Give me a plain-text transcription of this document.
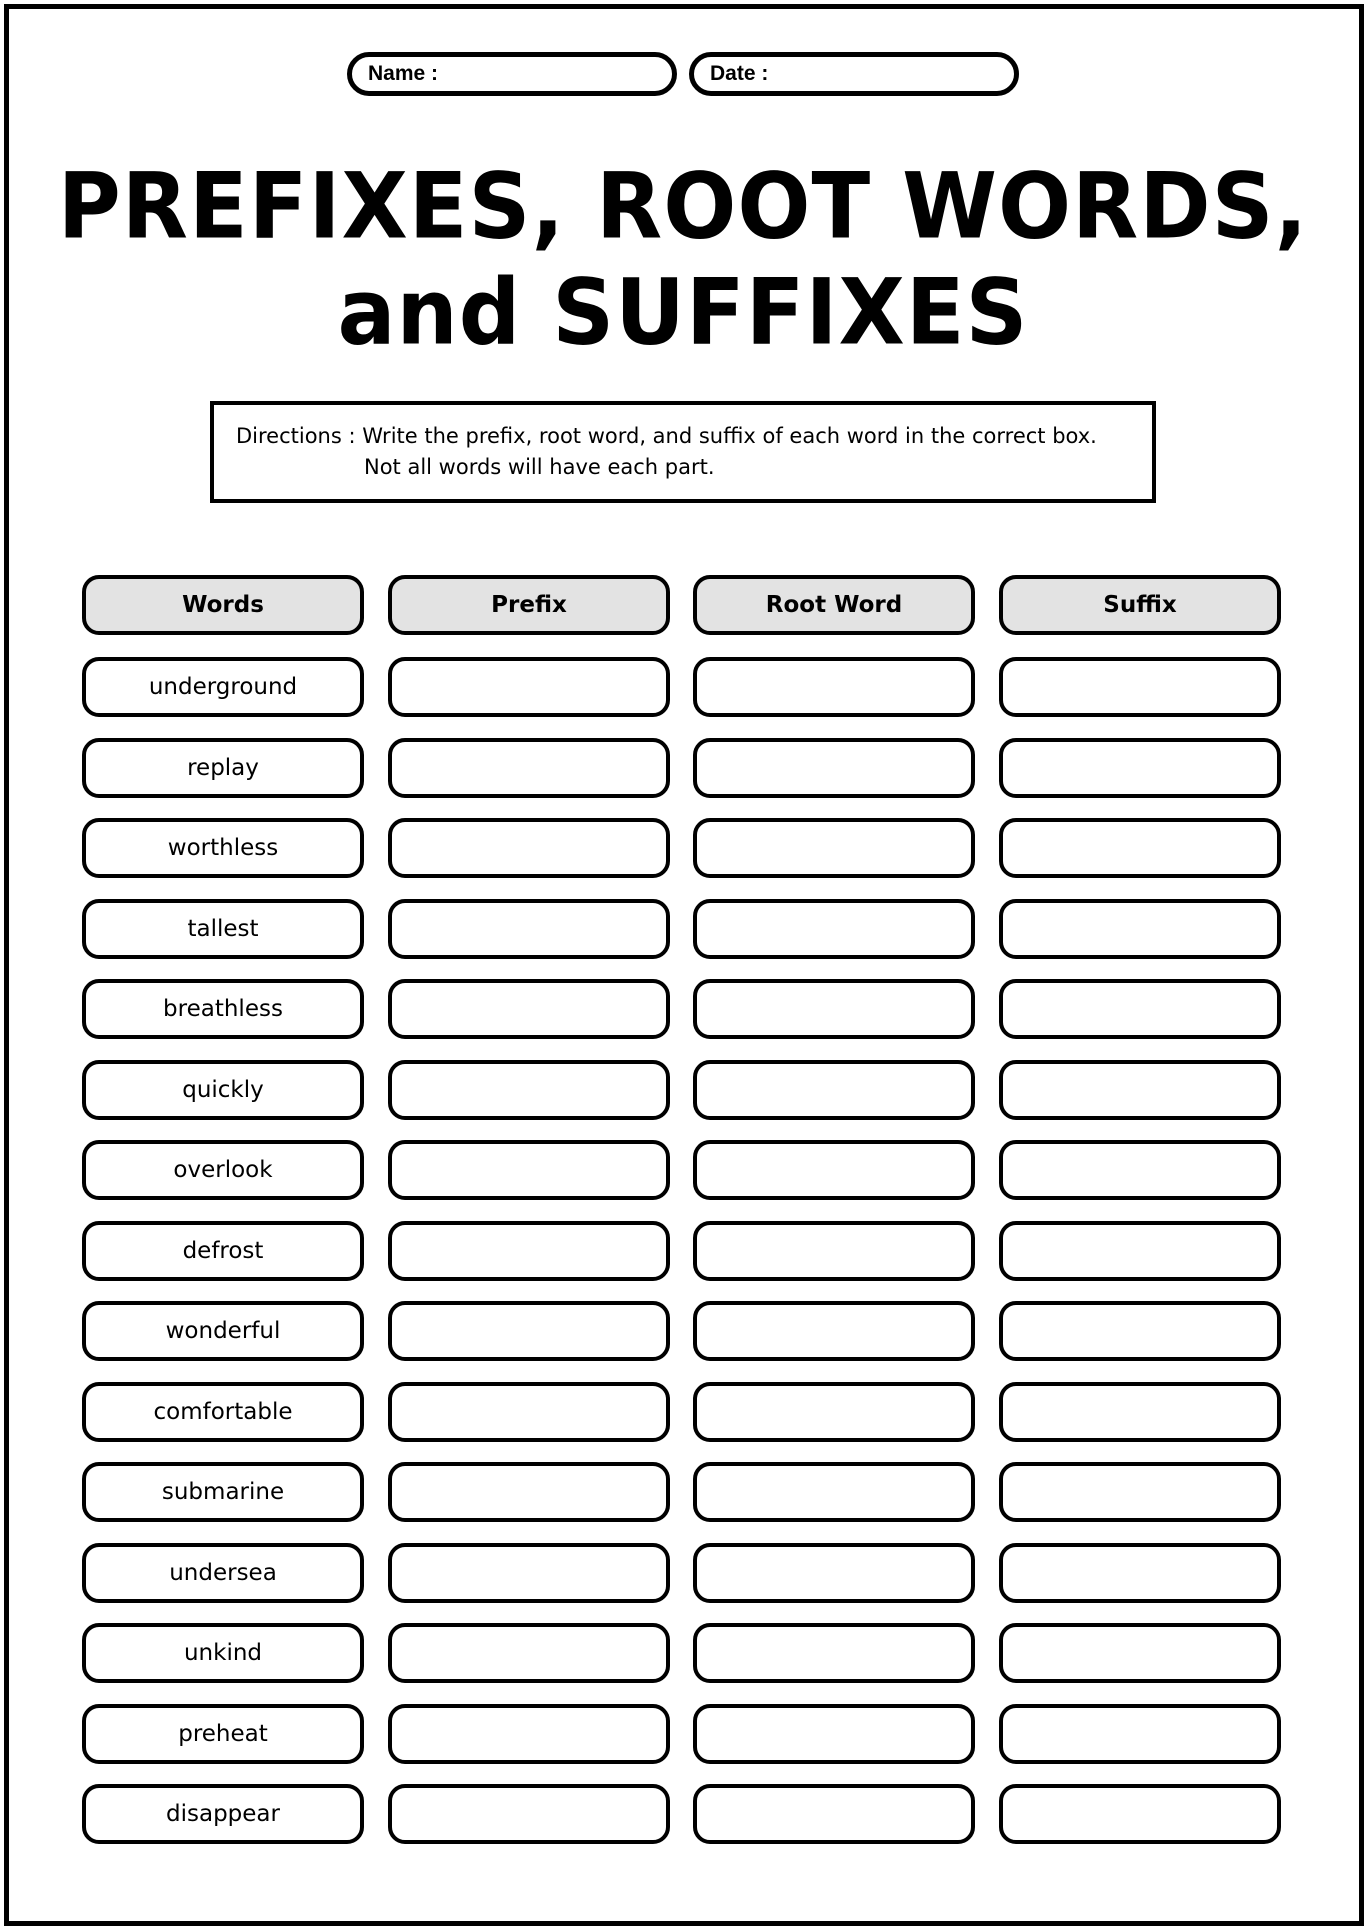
Name :	Date :
PREFIXES, ROOT WORDS,
and SUFFIXES
Directions : Write the prefix, root word, and suffix of each word in the correct box.
Not all words will have each part.
Words	Prefix	Root Word	Suffix
underground
replay
worthless
tallest
breathless
quickly
overlook
defrost
wonderful
comfortable
submarine
undersea
unkind
preheat
disappear
